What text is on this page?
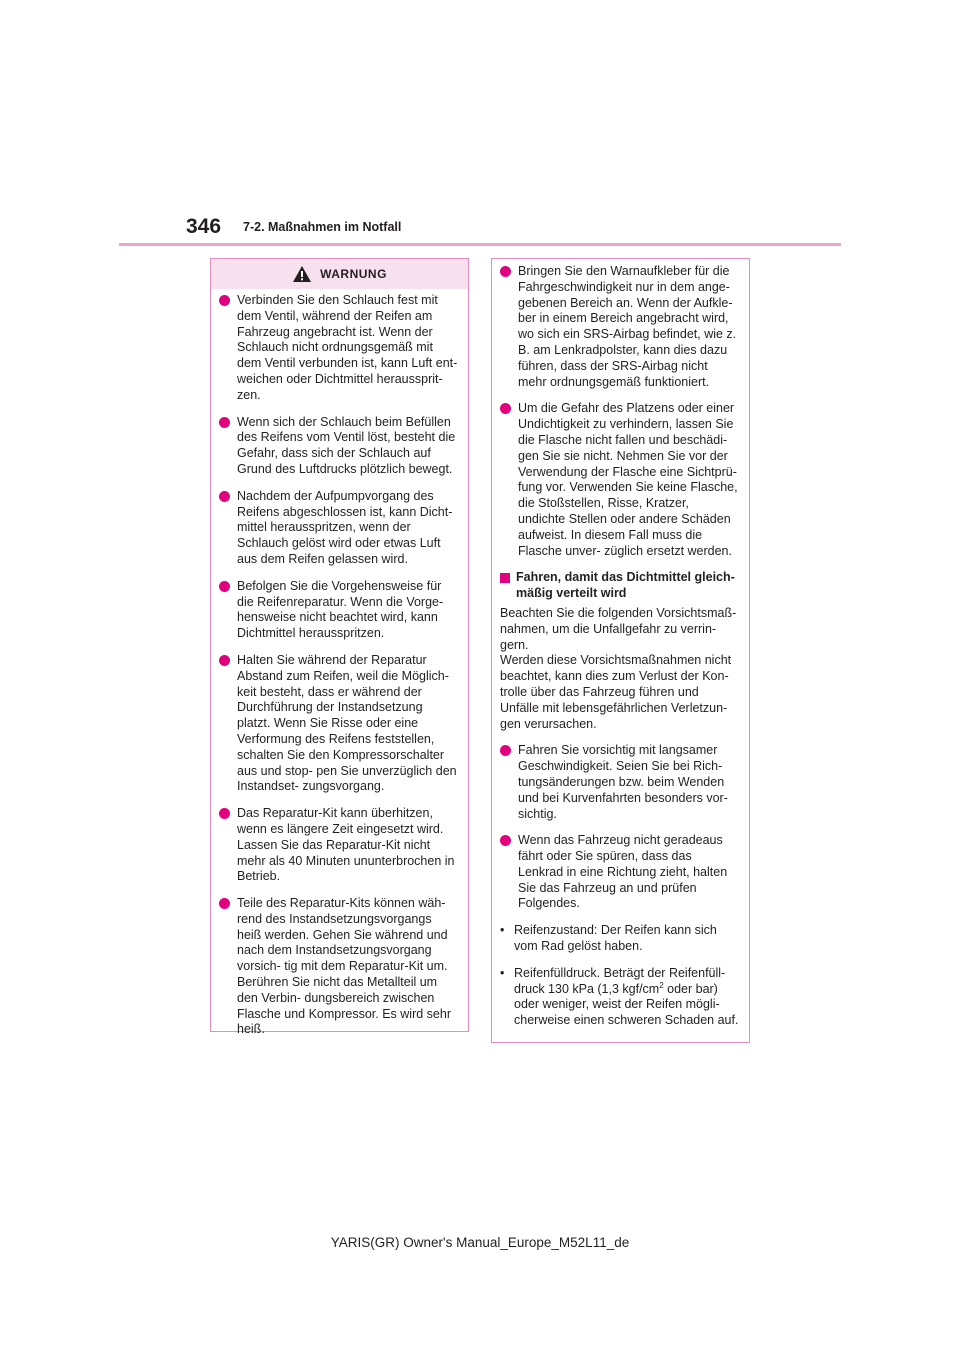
346 7-2. Maßnahmen im Notfall
WARNUNG
Verbinden Sie den Schlauch fest mit dem Ventil, während der Reifen am Fahrzeug angebracht ist. Wenn der Schlauch nicht ordnungsgemäß mit dem Ventil verbunden ist, kann Luft ent- weichen oder Dichtmittel heraussprit- zen.
Wenn sich der Schlauch beim Befüllen des Reifens vom Ventil löst, besteht die Gefahr, dass sich der Schlauch auf Grund des Luftdrucks plötzlich bewegt.
Nachdem der Aufpumpvorgang des Reifens abgeschlossen ist, kann Dicht- mittel herausspritzen, wenn der Schlauch gelöst wird oder etwas Luft aus dem Reifen gelassen wird.
Befolgen Sie die Vorgehensweise für die Reifenreparatur. Wenn die Vorge- hensweise nicht beachtet wird, kann Dichtmittel herausspritzen.
Halten Sie während der Reparatur Abstand zum Reifen, weil die Möglich- keit besteht, dass er während der Durchführung der Instandsetzung platzt. Wenn Sie Risse oder eine Verformung des Reifens feststellen, schalten Sie den Kompressorschalter aus und stop- pen Sie unverzüglich den Instandset- zungsvorgang.
Das Reparatur-Kit kann überhitzen, wenn es längere Zeit eingesetzt wird. Lassen Sie das Reparatur-Kit nicht mehr als 40 Minuten ununterbrochen in Betrieb.
Teile des Reparatur-Kits können wäh- rend des Instandsetzungsvorgangs heiß werden. Gehen Sie während und nach dem Instandsetzungsvorgang vorsich- tig mit dem Reparatur-Kit um. Berühren Sie nicht das Metallteil um den Verbin- dungsbereich zwischen Flasche und Kompressor. Es wird sehr heiß.
Bringen Sie den Warnaufkleber für die Fahrgeschwindigkeit nur in dem ange- gebenen Bereich an. Wenn der Aufkle- ber in einem Bereich angebracht wird, wo sich ein SRS-Airbag befindet, wie z. B. am Lenkradpolster, kann dies dazu führen, dass der SRS-Airbag nicht mehr ordnungsgemäß funktioniert.
Um die Gefahr des Platzens oder einer Undichtigkeit zu verhindern, lassen Sie die Flasche nicht fallen und beschädi- gen Sie sie nicht. Nehmen Sie vor der Verwendung der Flasche eine Sichtprü- fung vor. Verwenden Sie keine Flasche, die Stoßstellen, Risse, Kratzer, undichte Stellen oder andere Schäden aufweist. In diesem Fall muss die Flasche unver- züglich ersetzt werden.
Fahren, damit das Dichtmittel gleich- mäßig verteilt wird
Beachten Sie die folgenden Vorsichtsmaß- nahmen, um die Unfallgefahr zu verrin- gern.
Werden diese Vorsichtsmaßnahmen nicht beachtet, kann dies zum Verlust der Kon- trolle über das Fahrzeug führen und Unfälle mit lebensgefährlichen Verletzun- gen verursachen.
Fahren Sie vorsichtig mit langsamer Geschwindigkeit. Seien Sie bei Rich- tungsänderungen bzw. beim Wenden und bei Kurvenfahrten besonders vor- sichtig.
Wenn das Fahrzeug nicht geradeaus fährt oder Sie spüren, dass das Lenkrad in eine Richtung zieht, halten Sie das Fahrzeug an und prüfen Folgendes.
• Reifenzustand: Der Reifen kann sich vom Rad gelöst haben.
• Reifenfülldruck. Beträgt der Reifenfüll- druck 130 kPa (1,3 kgf/$cm^2$ oder bar) oder weniger, weist der Reifen mögli- cherweise einen schweren Schaden auf.
YARIS(GR) Owner's Manual_Europe_M52L11_de
